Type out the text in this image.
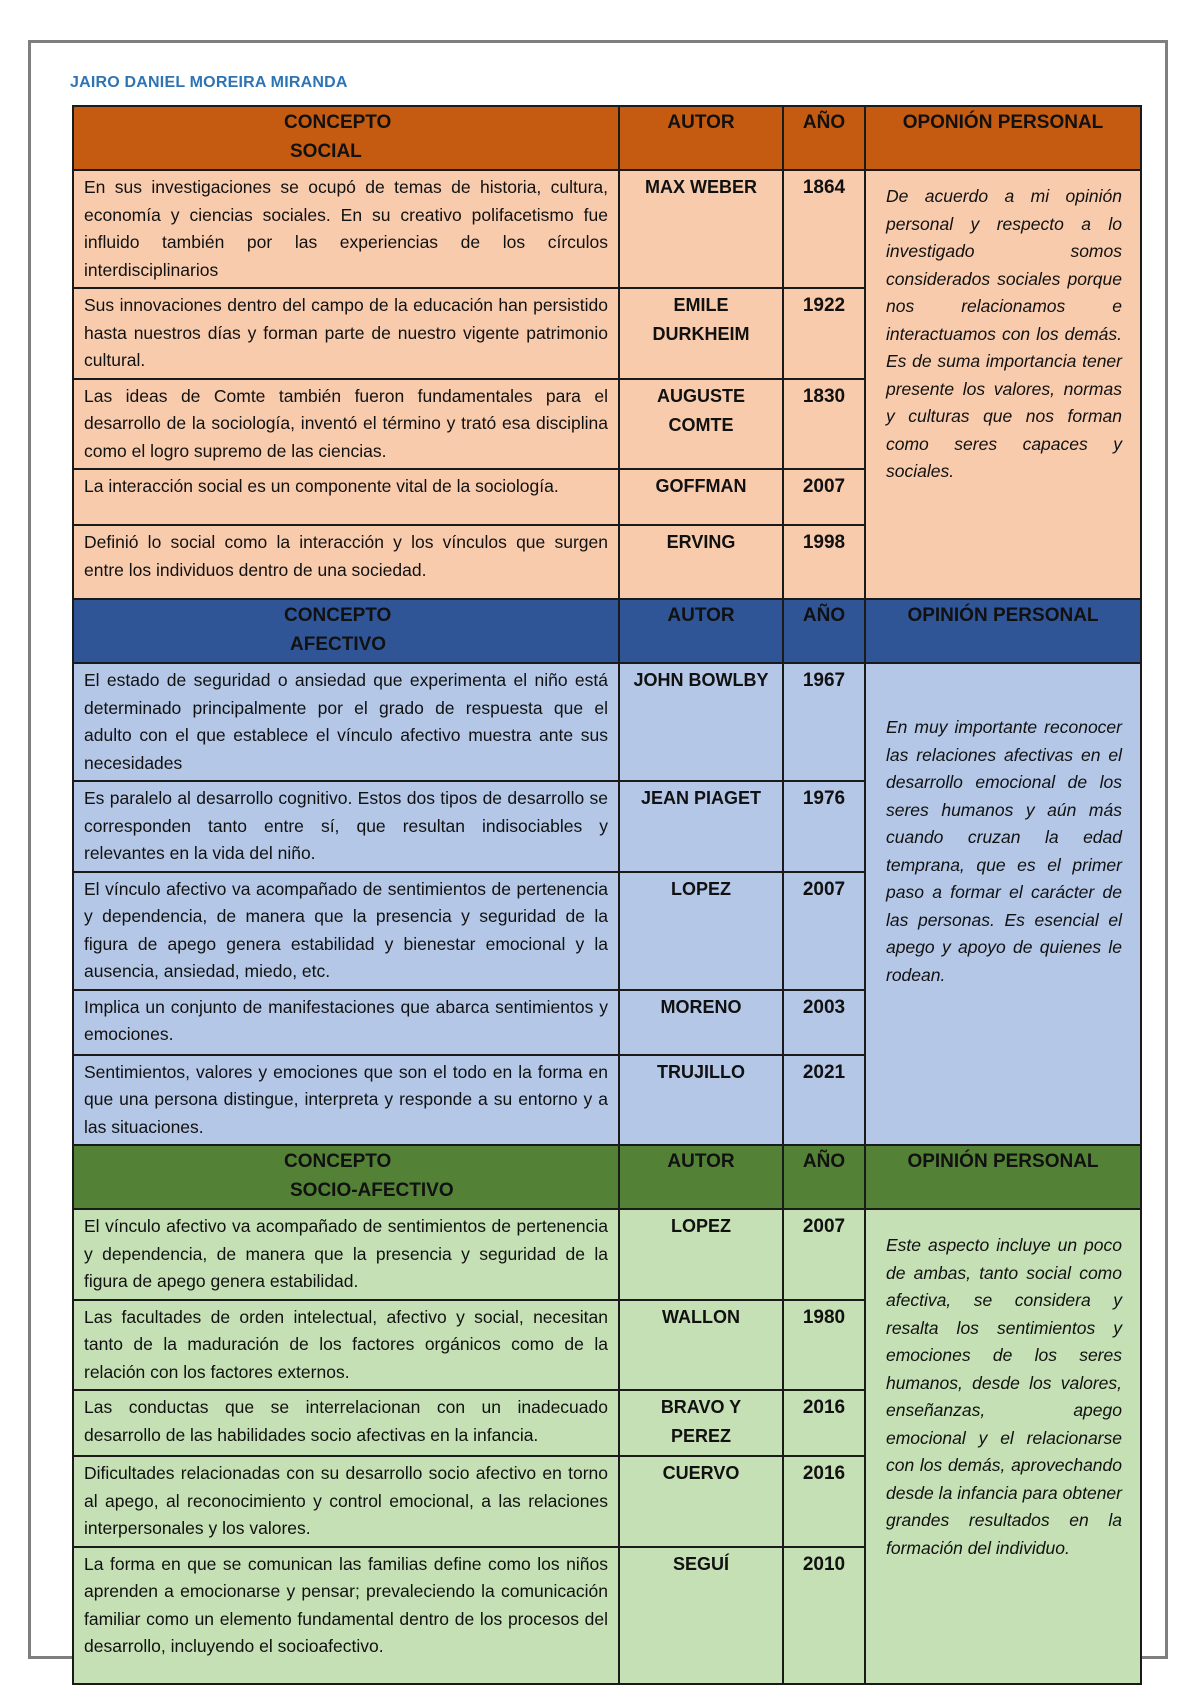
JAIRO DANIEL MOREIRA MIRANDA
CONCEPTO
SOCIAL	AUTOR	AÑO	OPONIÓN PERSONAL
En sus investigaciones se ocupó de temas de historia, cultura, economía y ciencias sociales. En su creativo polifacetismo fue influido también por las experiencias de los círculos interdisciplinarios	MAX WEBER	1864	De acuerdo a mi opinión personal y respecto a lo investigado somos considerados sociales porque nos relacionamos e interactuamos con los demás. Es de suma importancia tener presente los valores, normas y culturas que nos forman como seres capaces y sociales.
Sus innovaciones dentro del campo de la educación han persistido hasta nuestros días y forman parte de nuestro vigente patrimonio cultural.	EMILE DURKHEIM	1922	
Las ideas de Comte también fueron fundamentales para el desarrollo de la sociología, inventó el término y trató esa disciplina como el logro supremo de las ciencias.	AUGUSTE COMTE	1830	
La interacción social es un componente vital de la sociología.	GOFFMAN	2007	
Definió lo social como la interacción y los vínculos que surgen entre los individuos dentro de una sociedad.	ERVING	1998	

CONCEPTO
AFECTIVO	AUTOR	AÑO	OPINIÓN PERSONAL
El estado de seguridad o ansiedad que experimenta el niño está determinado principalmente por el grado de respuesta que el adulto con el que establece el vínculo afectivo muestra ante sus necesidades	JOHN BOWLBY	1967	En muy importante reconocer las relaciones afectivas en el desarrollo emocional de los seres humanos y aún más cuando cruzan la edad temprana, que es el primer paso a formar el carácter de las personas. Es esencial el apego y apoyo de quienes le rodean.
Es paralelo al desarrollo cognitivo. Estos dos tipos de desarrollo se corresponden tanto entre sí, que resultan indisociables y relevantes en la vida del niño.	JEAN PIAGET	1976	
El vínculo afectivo va acompañado de sentimientos de pertenencia y dependencia, de manera que la presencia y seguridad de la figura de apego genera estabilidad y bienestar emocional y la ausencia, ansiedad, miedo, etc.	LOPEZ	2007	
Implica un conjunto de manifestaciones que abarca sentimientos y emociones.	MORENO	2003	
Sentimientos, valores y emociones que son el todo en la forma en que una persona distingue, interpreta y responde a su entorno y a las situaciones.	TRUJILLO	2021	

CONCEPTO
SOCIO-AFECTIVO	AUTOR	AÑO	OPINIÓN PERSONAL
El vínculo afectivo va acompañado de sentimientos de pertenencia y dependencia, de manera que la presencia y seguridad de la figura de apego genera estabilidad.	LOPEZ	2007	Este aspecto incluye un poco de ambas, tanto social como afectiva, se considera y resalta los sentimientos y emociones de los seres humanos, desde los valores, enseñanzas, apego emocional y el relacionarse con los demás, aprovechando desde la infancia para obtener grandes resultados en la formación del individuo.
Las facultades de orden intelectual, afectivo y social, necesitan tanto de la maduración de los factores orgánicos como de la relación con los factores externos.	WALLON	1980	
Las conductas que se interrelacionan con un inadecuado desarrollo de las habilidades socio afectivas en la infancia.	BRAVO Y PEREZ	2016	
Dificultades relacionadas con su desarrollo socio afectivo en torno al apego, al reconocimiento y control emocional, a las relaciones interpersonales y los valores.	CUERVO	2016	
La forma en que se comunican las familias define como los niños aprenden a emocionarse y pensar; prevaleciendo la comunicación familiar como un elemento fundamental dentro de los procesos del desarrollo, incluyendo el socioafectivo.	SEGUÍ	2010	
